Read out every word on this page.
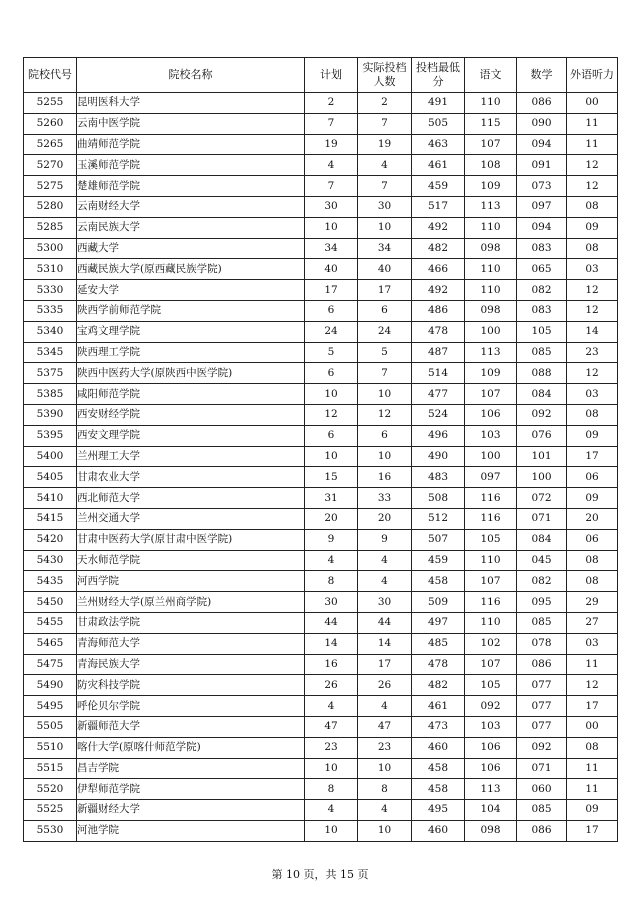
院校代号	院校名称	计划	实际投档人数	投档最低分	语文	数学	外语听力
5255	昆明医科大学	2	2	491	110	086	00
5260	云南中医学院	7	7	505	115	090	11
5265	曲靖师范学院	19	19	463	107	094	11
5270	玉溪师范学院	4	4	461	108	091	12
5275	楚雄师范学院	7	7	459	109	073	12
5280	云南财经大学	30	30	517	113	097	08
5285	云南民族大学	10	10	492	110	094	09
5300	西藏大学	34	34	482	098	083	08
5310	西藏民族大学(原西藏民族学院)	40	40	466	110	065	03
5330	延安大学	17	17	492	110	082	12
5335	陕西学前师范学院	6	6	486	098	083	12
5340	宝鸡文理学院	24	24	478	100	105	14
5345	陕西理工学院	5	5	487	113	085	23
5375	陕西中医药大学(原陕西中医学院)	6	7	514	109	088	12
5385	咸阳师范学院	10	10	477	107	084	03
5390	西安财经学院	12	12	524	106	092	08
5395	西安文理学院	6	6	496	103	076	09
5400	兰州理工大学	10	10	490	100	101	17
5405	甘肃农业大学	15	16	483	097	100	06
5410	西北师范大学	31	33	508	116	072	09
5415	兰州交通大学	20	20	512	116	071	20
5420	甘肃中医药大学(原甘肃中医学院)	9	9	507	105	084	06
5430	天水师范学院	4	4	459	110	045	08
5435	河西学院	8	4	458	107	082	08
5450	兰州财经大学(原兰州商学院)	30	30	509	116	095	29
5455	甘肃政法学院	44	44	497	110	085	27
5465	青海师范大学	14	14	485	102	078	03
5475	青海民族大学	16	17	478	107	086	11
5490	防灾科技学院	26	26	482	105	077	12
5495	呼伦贝尔学院	4	4	461	092	077	17
5505	新疆师范大学	47	47	473	103	077	00
5510	喀什大学(原喀什师范学院)	23	23	460	106	092	08
5515	昌吉学院	10	10	458	106	071	11
5520	伊犁师范学院	8	8	458	113	060	11
5525	新疆财经大学	4	4	495	104	085	09
5530	河池学院	10	10	460	098	086	17
第 10 页，共 15 页
